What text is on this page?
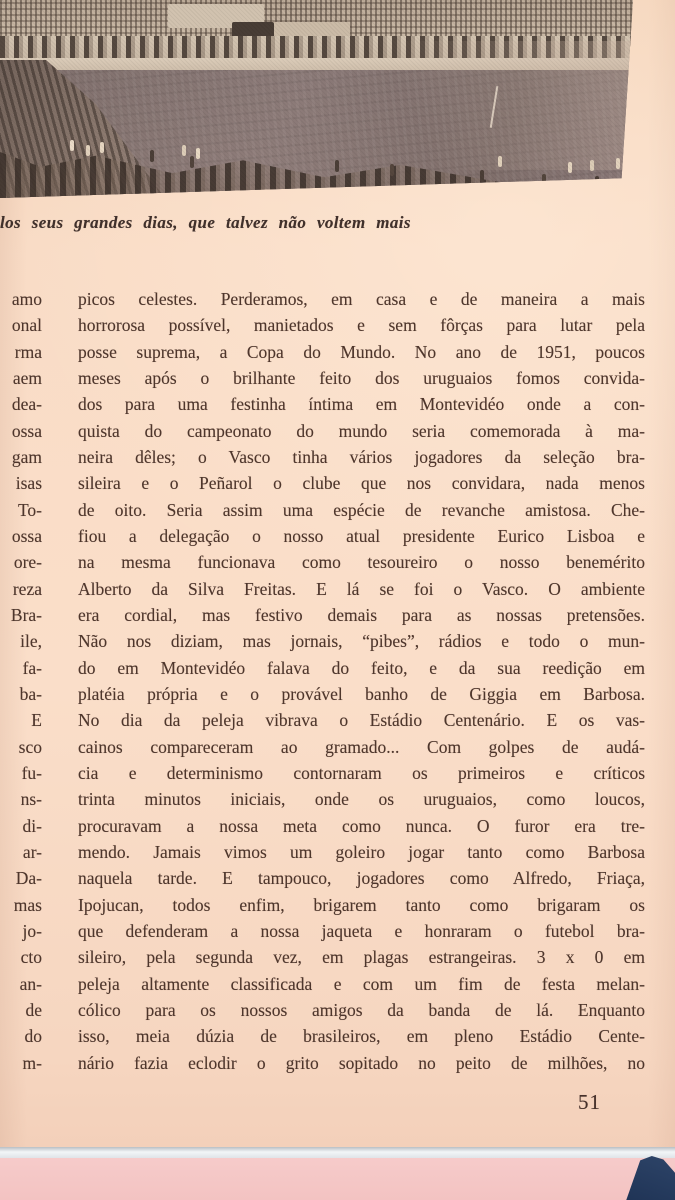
los seus grandes dias, que talvez não voltem mais
amo
onal
rma
aem
dea-
ossa
gam
isas
To-
ossa
ore-
reza
Bra-
ile,
fa-
ba-
E
sco
fu-
ns-
di-
ar-
Da-
mas
jo-
cto
an-
de
do
m-
picos celestes. Perderamos, em casa e de maneira a mais
horrorosa possível, manietados e sem fôrças para lutar pela
posse suprema, a Copa do Mundo. No ano de 1951, poucos
meses após o brilhante feito dos uruguaios fomos convida-
dos para uma festinha íntima em Montevidéo onde a con-
quista do campeonato do mundo seria comemorada à ma-
neira dêles; o Vasco tinha vários jogadores da seleção bra-
sileira e o Peñarol o clube que nos convidara, nada menos
de oito. Seria assim uma espécie de revanche amistosa. Che-
fiou a delegação o nosso atual presidente Eurico Lisboa e
na mesma funcionava como tesoureiro o nosso benemérito
Alberto da Silva Freitas. E lá se foi o Vasco. O ambiente
era cordial, mas festivo demais para as nossas pretensões.
Não nos diziam, mas jornais, “pibes”, rádios e todo o mun-
do em Montevidéo falava do feito, e da sua reedição em
platéia própria e o provável banho de Giggia em Barbosa.
No dia da peleja vibrava o Estádio Centenário. E os vas-
cainos compareceram ao gramado... Com golpes de audá-
cia e determinismo contornaram os primeiros e críticos
trinta minutos iniciais, onde os uruguaios, como loucos,
procuravam a nossa meta como nunca. O furor era tre-
mendo. Jamais vimos um goleiro jogar tanto como Barbosa
naquela tarde. E tampouco, jogadores como Alfredo, Friaça,
Ipojucan, todos enfim, brigarem tanto como brigaram os
que defenderam a nossa jaqueta e honraram o futebol bra-
sileiro, pela segunda vez, em plagas estrangeiras. 3 x 0 em
peleja altamente classificada e com um fim de festa melan-
cólico para os nossos amigos da banda de lá. Enquanto
isso, meia dúzia de brasileiros, em pleno Estádio Cente-
nário fazia eclodir o grito sopitado no peito de milhões, no
51
